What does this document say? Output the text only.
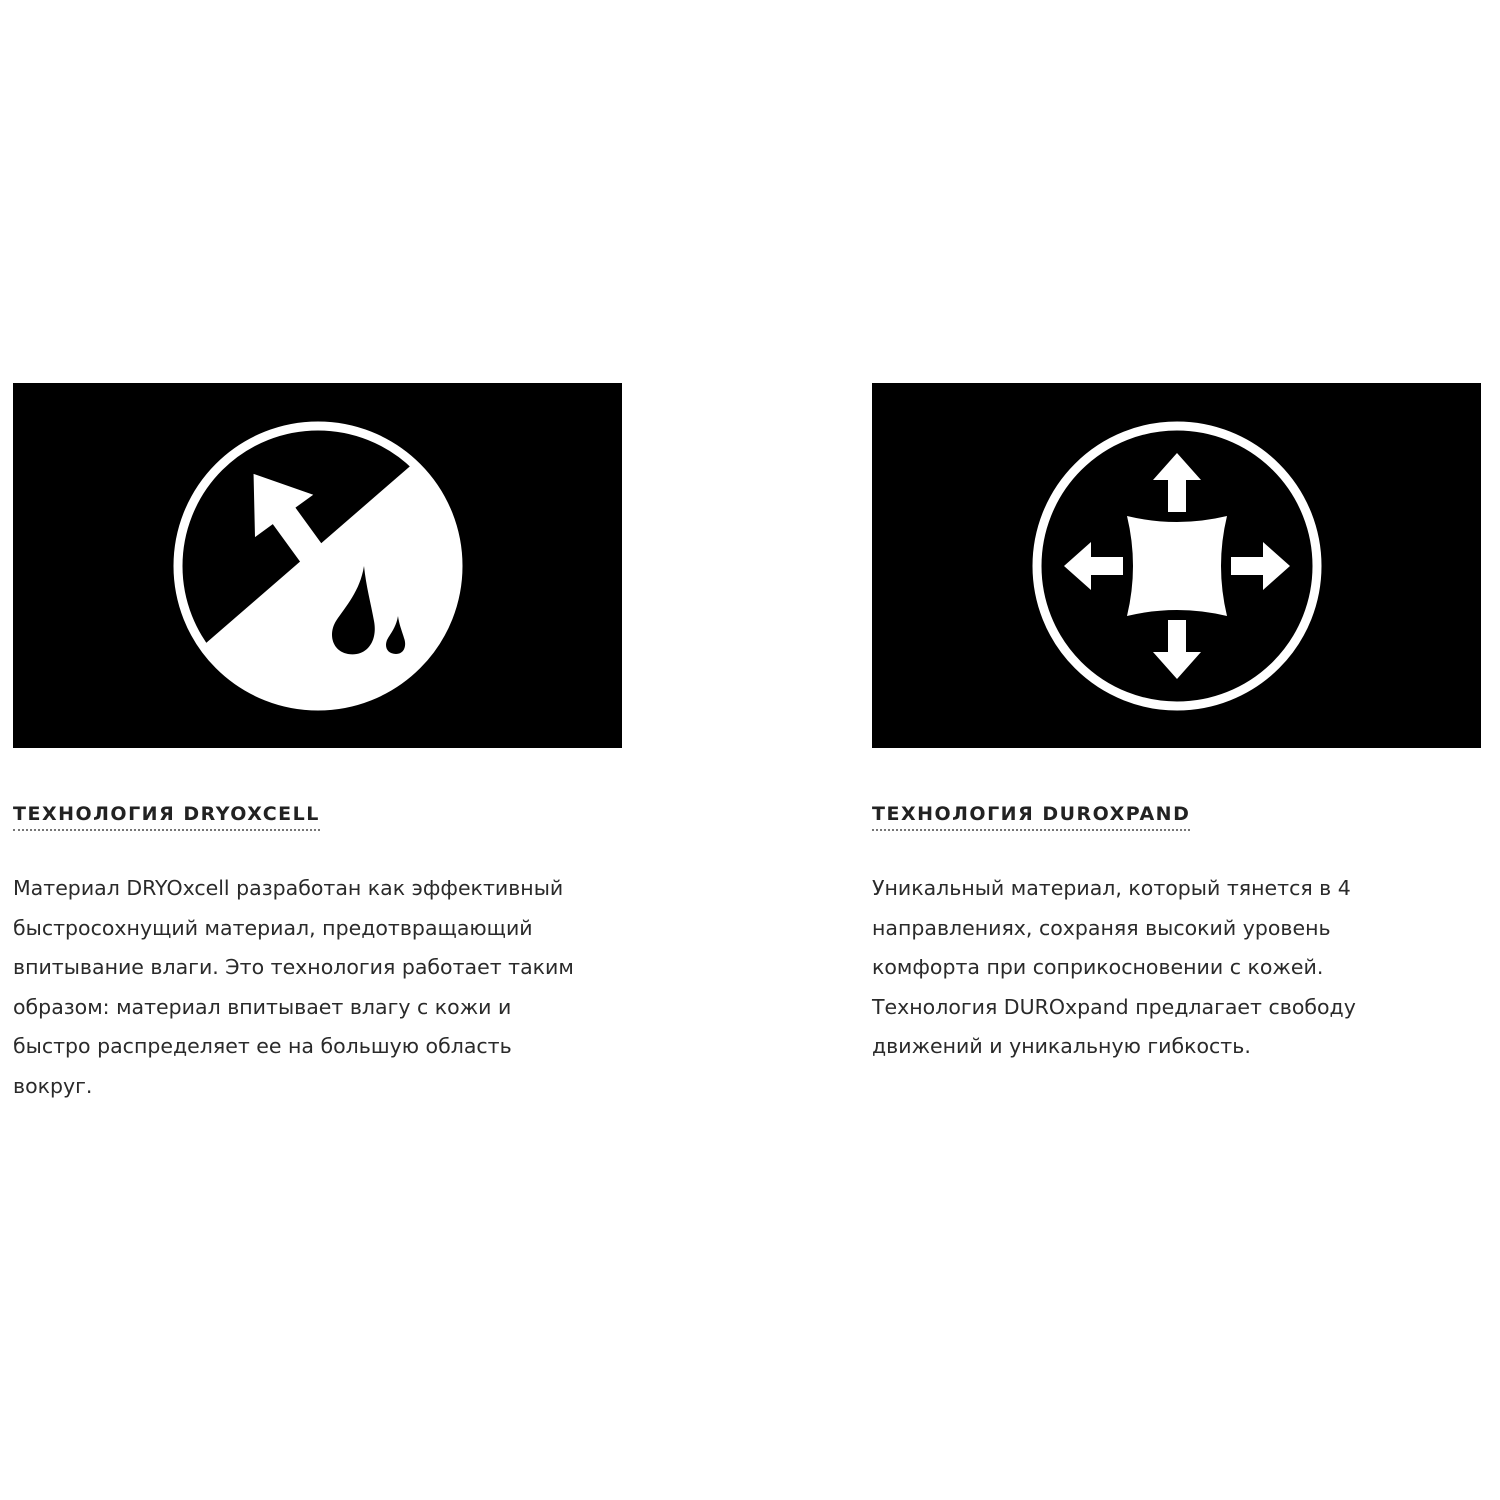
ТЕХНОЛОГИЯ DRYOXCELL
Материал DRYOxcell разработан как эффективный
быстросохнущий материал, предотвращающий
впитывание влаги. Это технология работает таким
образом: материал впитывает влагу с кожи и
быстро распределяет ее на большую область
вокруг.
ТЕХНОЛОГИЯ DUROXPAND
Уникальный материал, который тянется в 4
направлениях, сохраняя высокий уровень
комфорта при соприкосновении с кожей.
Технология DUROxpand предлагает свободу
движений и уникальную гибкость.
